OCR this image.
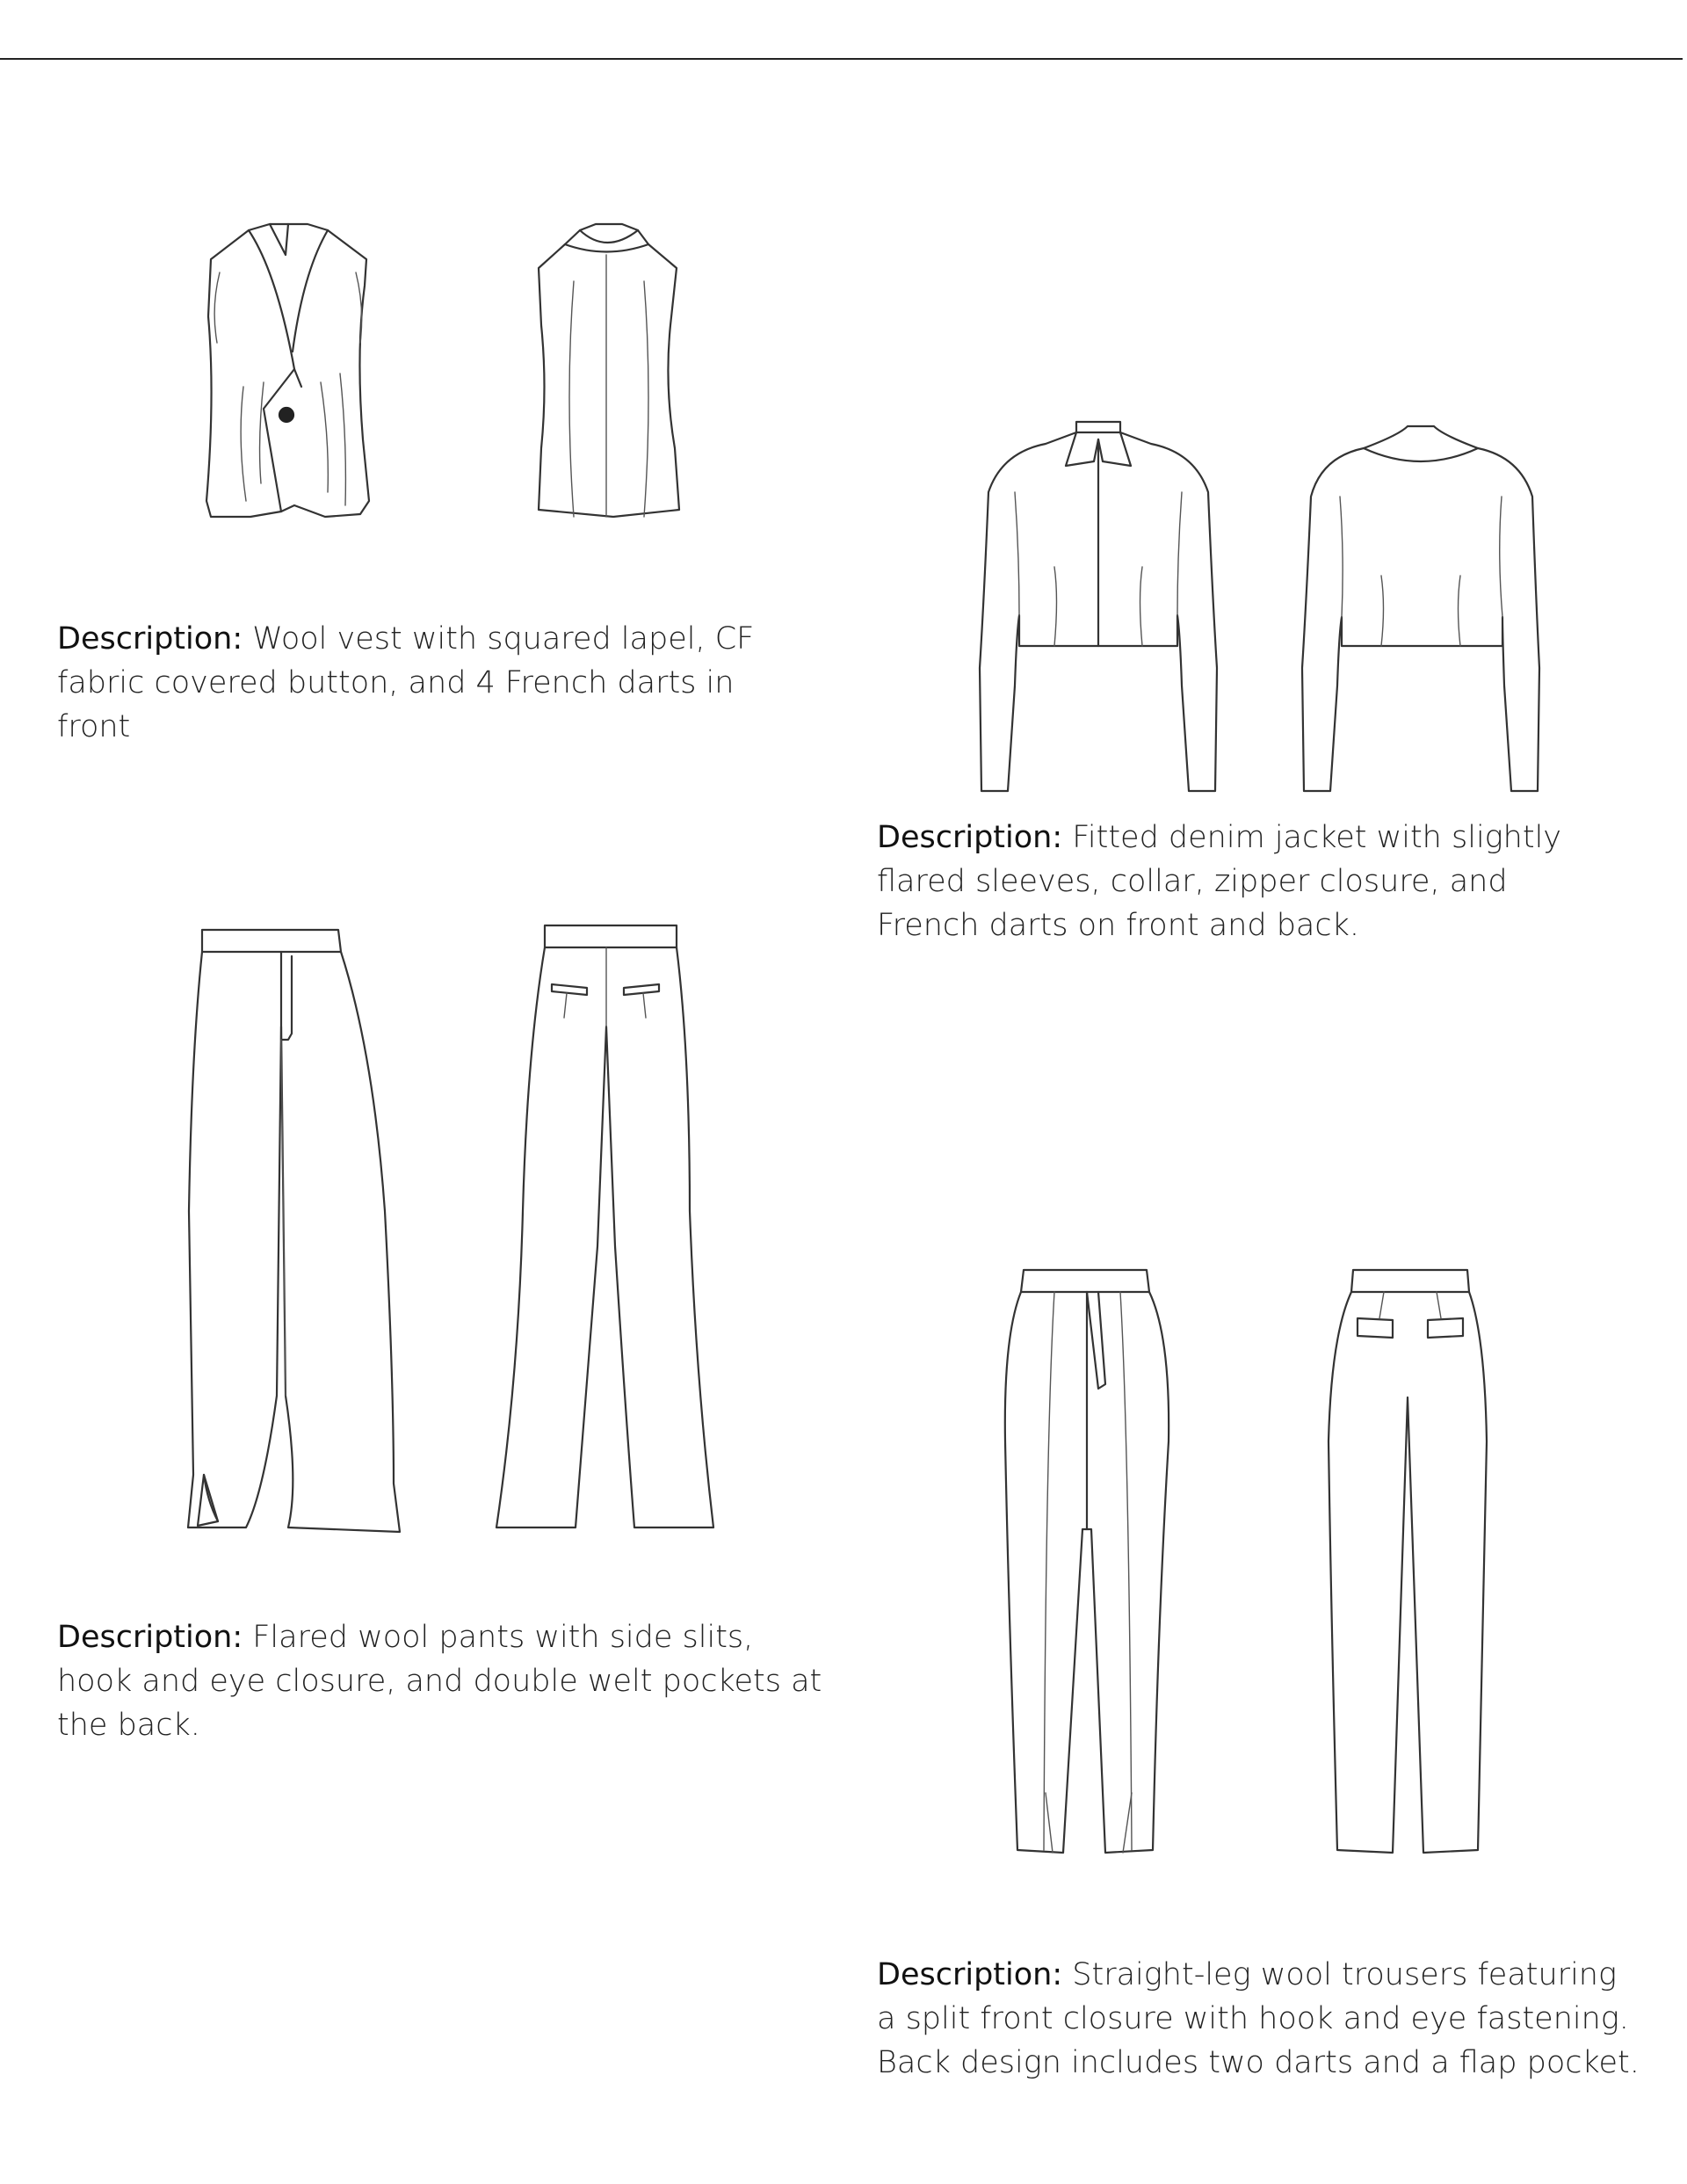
Description: Wool vest with squared lapel, CF fabric covered button, and 4 French darts in front

Description: Fitted denim jacket with slightly flared sleeves, collar, zipper closure, and French darts on front and back.

Description: Flared wool pants with side slits, hook and eye closure, and double welt pockets at the back.

Description: Straight-leg wool trousers featuring a split front closure with hook and eye fastening. Back design includes two darts and a flap pocket.
